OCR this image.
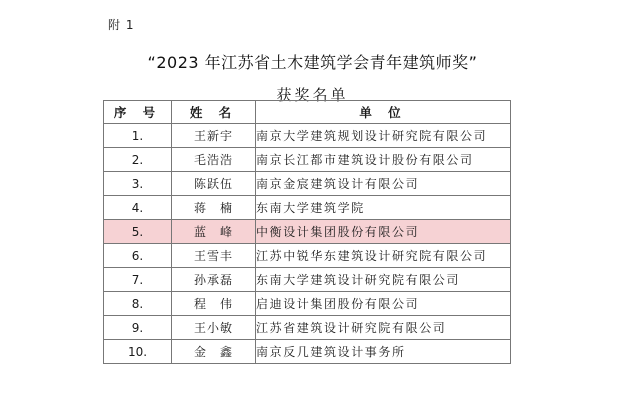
附 1
“2023 年江苏省土木建筑学会青年建筑师奖”
获奖名单
序 号	姓 名	单 位
1.	王新宇	南京大学建筑规划设计研究院有限公司
2.	毛浩浩	南京长江都市建筑设计股份有限公司
3.	陈跃伍	南京金宸建筑设计有限公司
4.	蒋　楠	东南大学建筑学院
5.	蓝　峰	中衡设计集团股份有限公司
6.	王雪丰	江苏中锐华东建筑设计研究院有限公司
7.	孙承磊	东南大学建筑设计研究院有限公司
8.	程　伟	启迪设计集团股份有限公司
9.	王小敏	江苏省建筑设计研究院有限公司
10.	金　鑫	南京反几建筑设计事务所
